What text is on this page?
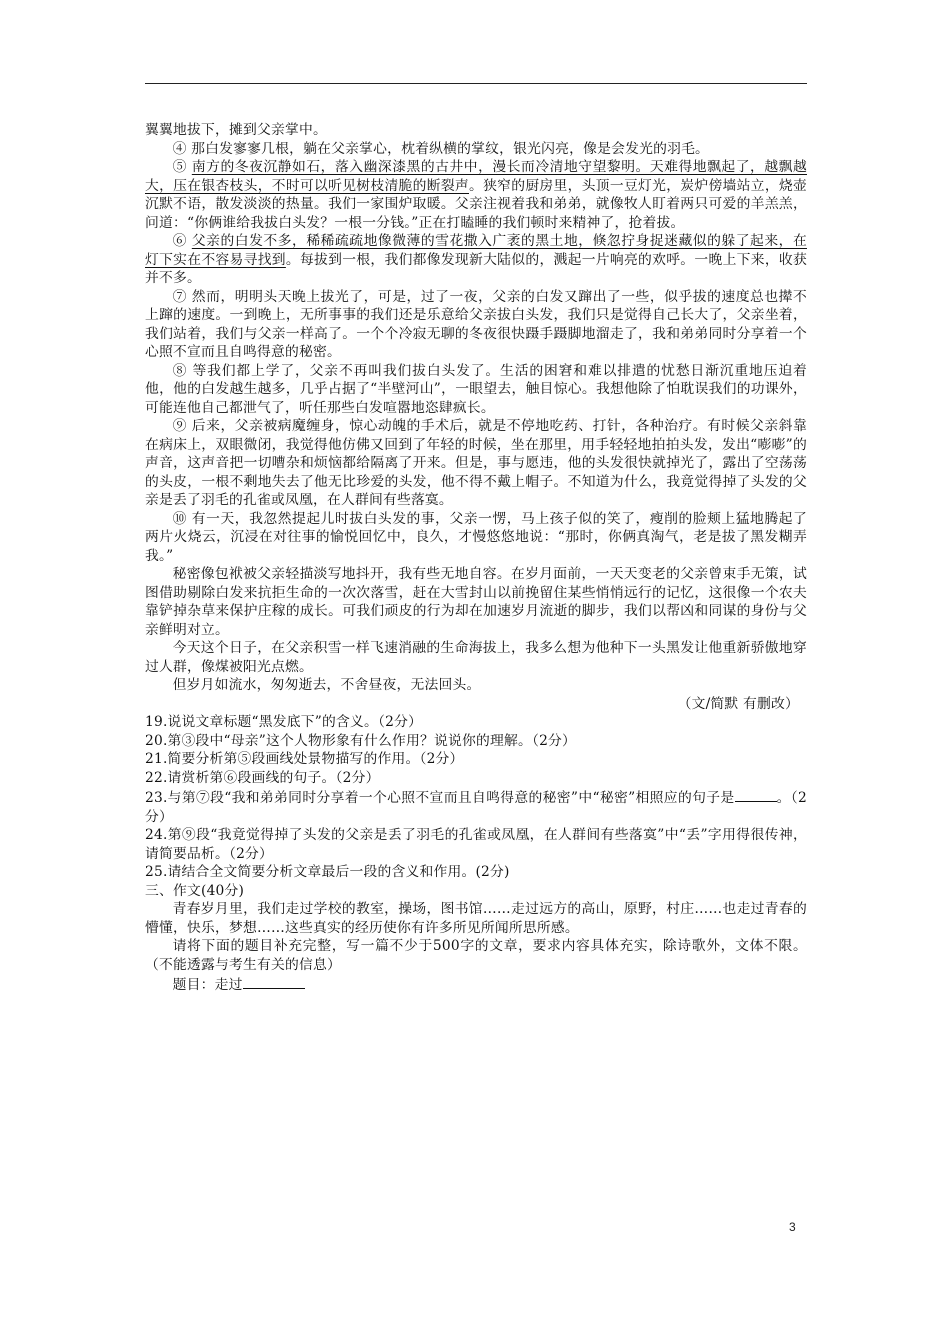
翼翼地拔下，摊到父亲掌中。

④ 那白发寥寥几根，躺在父亲掌心，枕着纵横的掌纹，银光闪亮，像是会发光的羽毛。

⑤ 南方的冬夜沉静如石，落入幽深漆黑的古井中，漫长而冷清地守望黎明。天难得地飘起了，越飘越大，压在银杏枝头，不时可以听见树枝清脆的断裂声。狭窄的厨房里，头顶一豆灯光，炭炉傍墙站立，烧壶沉默不语，散发淡淡的热量。我们一家围炉取暖。父亲注视着我和弟弟，就像牧人盯着两只可爱的羊羔羔，问道：“你俩谁给我拔白头发？一根一分钱。”正在打瞌睡的我们顿时来精神了，抢着拔。

⑥ 父亲的白发不多，稀稀疏疏地像微薄的雪花撒入广袤的黑土地，倏忽拧身捉迷藏似的躲了起来，在灯下实在不容易寻找到。每拔到一根，我们都像发现新大陆似的，溅起一片响亮的欢呼。一晚上下来，收获并不多。

⑦ 然而，明明头天晚上拔光了，可是，过了一夜，父亲的白发又蹿出了一些，似乎拔的速度总也撵不上蹿的速度。一到晚上，无所事事的我们还是乐意给父亲拔白头发，我们只是觉得自己长大了，父亲坐着，我们站着，我们与父亲一样高了。一个个冷寂无聊的冬夜很快蹑手蹑脚地溜走了，我和弟弟同时分享着一个心照不宣而且自鸣得意的秘密。

⑧ 等我们都上学了，父亲不再叫我们拔白头发了。生活的困窘和难以排遣的忧愁日渐沉重地压迫着他，他的白发越生越多，几乎占据了“半壁河山”，一眼望去，触目惊心。我想他除了怕耽误我们的功课外，可能连他自己都泄气了，听任那些白发喧嚣地恣肆疯长。

⑨ 后来，父亲被病魔缠身，惊心动魄的手术后，就是不停地吃药、打针，各种治疗。有时候父亲斜靠在病床上，双眼微闭，我觉得他仿佛又回到了年轻的时候，坐在那里，用手轻轻地拍拍头发，发出“嘭嘭”的声音，这声音把一切嘈杂和烦恼都给隔离了开来。但是，事与愿违，他的头发很快就掉光了，露出了空荡荡的头皮，一根不剩地失去了他无比珍爱的头发，他不得不戴上帽子。不知道为什么，我竟觉得掉了头发的父亲是丢了羽毛的孔雀或凤凰，在人群间有些落寞。

⑩ 有一天，我忽然提起儿时拔白头发的事，父亲一愣，马上孩子似的笑了，瘦削的脸颊上猛地腾起了两片火烧云，沉浸在对往事的愉悦回忆中，良久，才慢悠悠地说：“那时，你俩真淘气，老是拔了黑发糊弄我。”

秘密像包袱被父亲轻描淡写地抖开，我有些无地自容。在岁月面前，一天天变老的父亲曾束手无策，试图借助剔除白发来抗拒生命的一次次落雪，赶在大雪封山以前挽留住某些悄悄远行的记忆，这很像一个农夫靠铲掉杂草来保护庄稼的成长。可我们顽皮的行为却在加速岁月流逝的脚步，我们以帮凶和同谋的身份与父亲鲜明对立。

今天这个日子，在父亲积雪一样飞速消融的生命海拔上，我多么想为他种下一头黑发让他重新骄傲地穿过人群，像煤被阳光点燃。

但岁月如流水，匆匆逝去，不舍昼夜，无法回头。

（文/简默 有删改）

19.说说文章标题“黑发底下”的含义。（2分）

20.第③段中“母亲”这个人物形象有什么作用？说说你的理解。（2分）

21.简要分析第⑤段画线处景物描写的作用。（2分）

22.请赏析第⑥段画线的句子。（2分）

23.与第⑦段“我和弟弟同时分享着一个心照不宣而且自鸣得意的秘密”中“秘密”相照应的句子是	。（2分）

24.第⑨段“我竟觉得掉了头发的父亲是丢了羽毛的孔雀或凤凰，在人群间有些落寞”中“丢”字用得很传神，请简要品析。（2分）

25.请结合全文简要分析文章最后一段的含义和作用。(2分)

三、作文(40分)

青春岁月里，我们走过学校的教室，操场，图书馆……走过远方的高山，原野，村庄……也走过青春的懵懂，快乐，梦想……这些真实的经历使你有许多所见所闻所思所感。

请将下面的题目补充完整，写一篇不少于500字的文章，要求内容具体充实，除诗歌外，文体不限。（不能透露与考生有关的信息）

题目：走过

3
